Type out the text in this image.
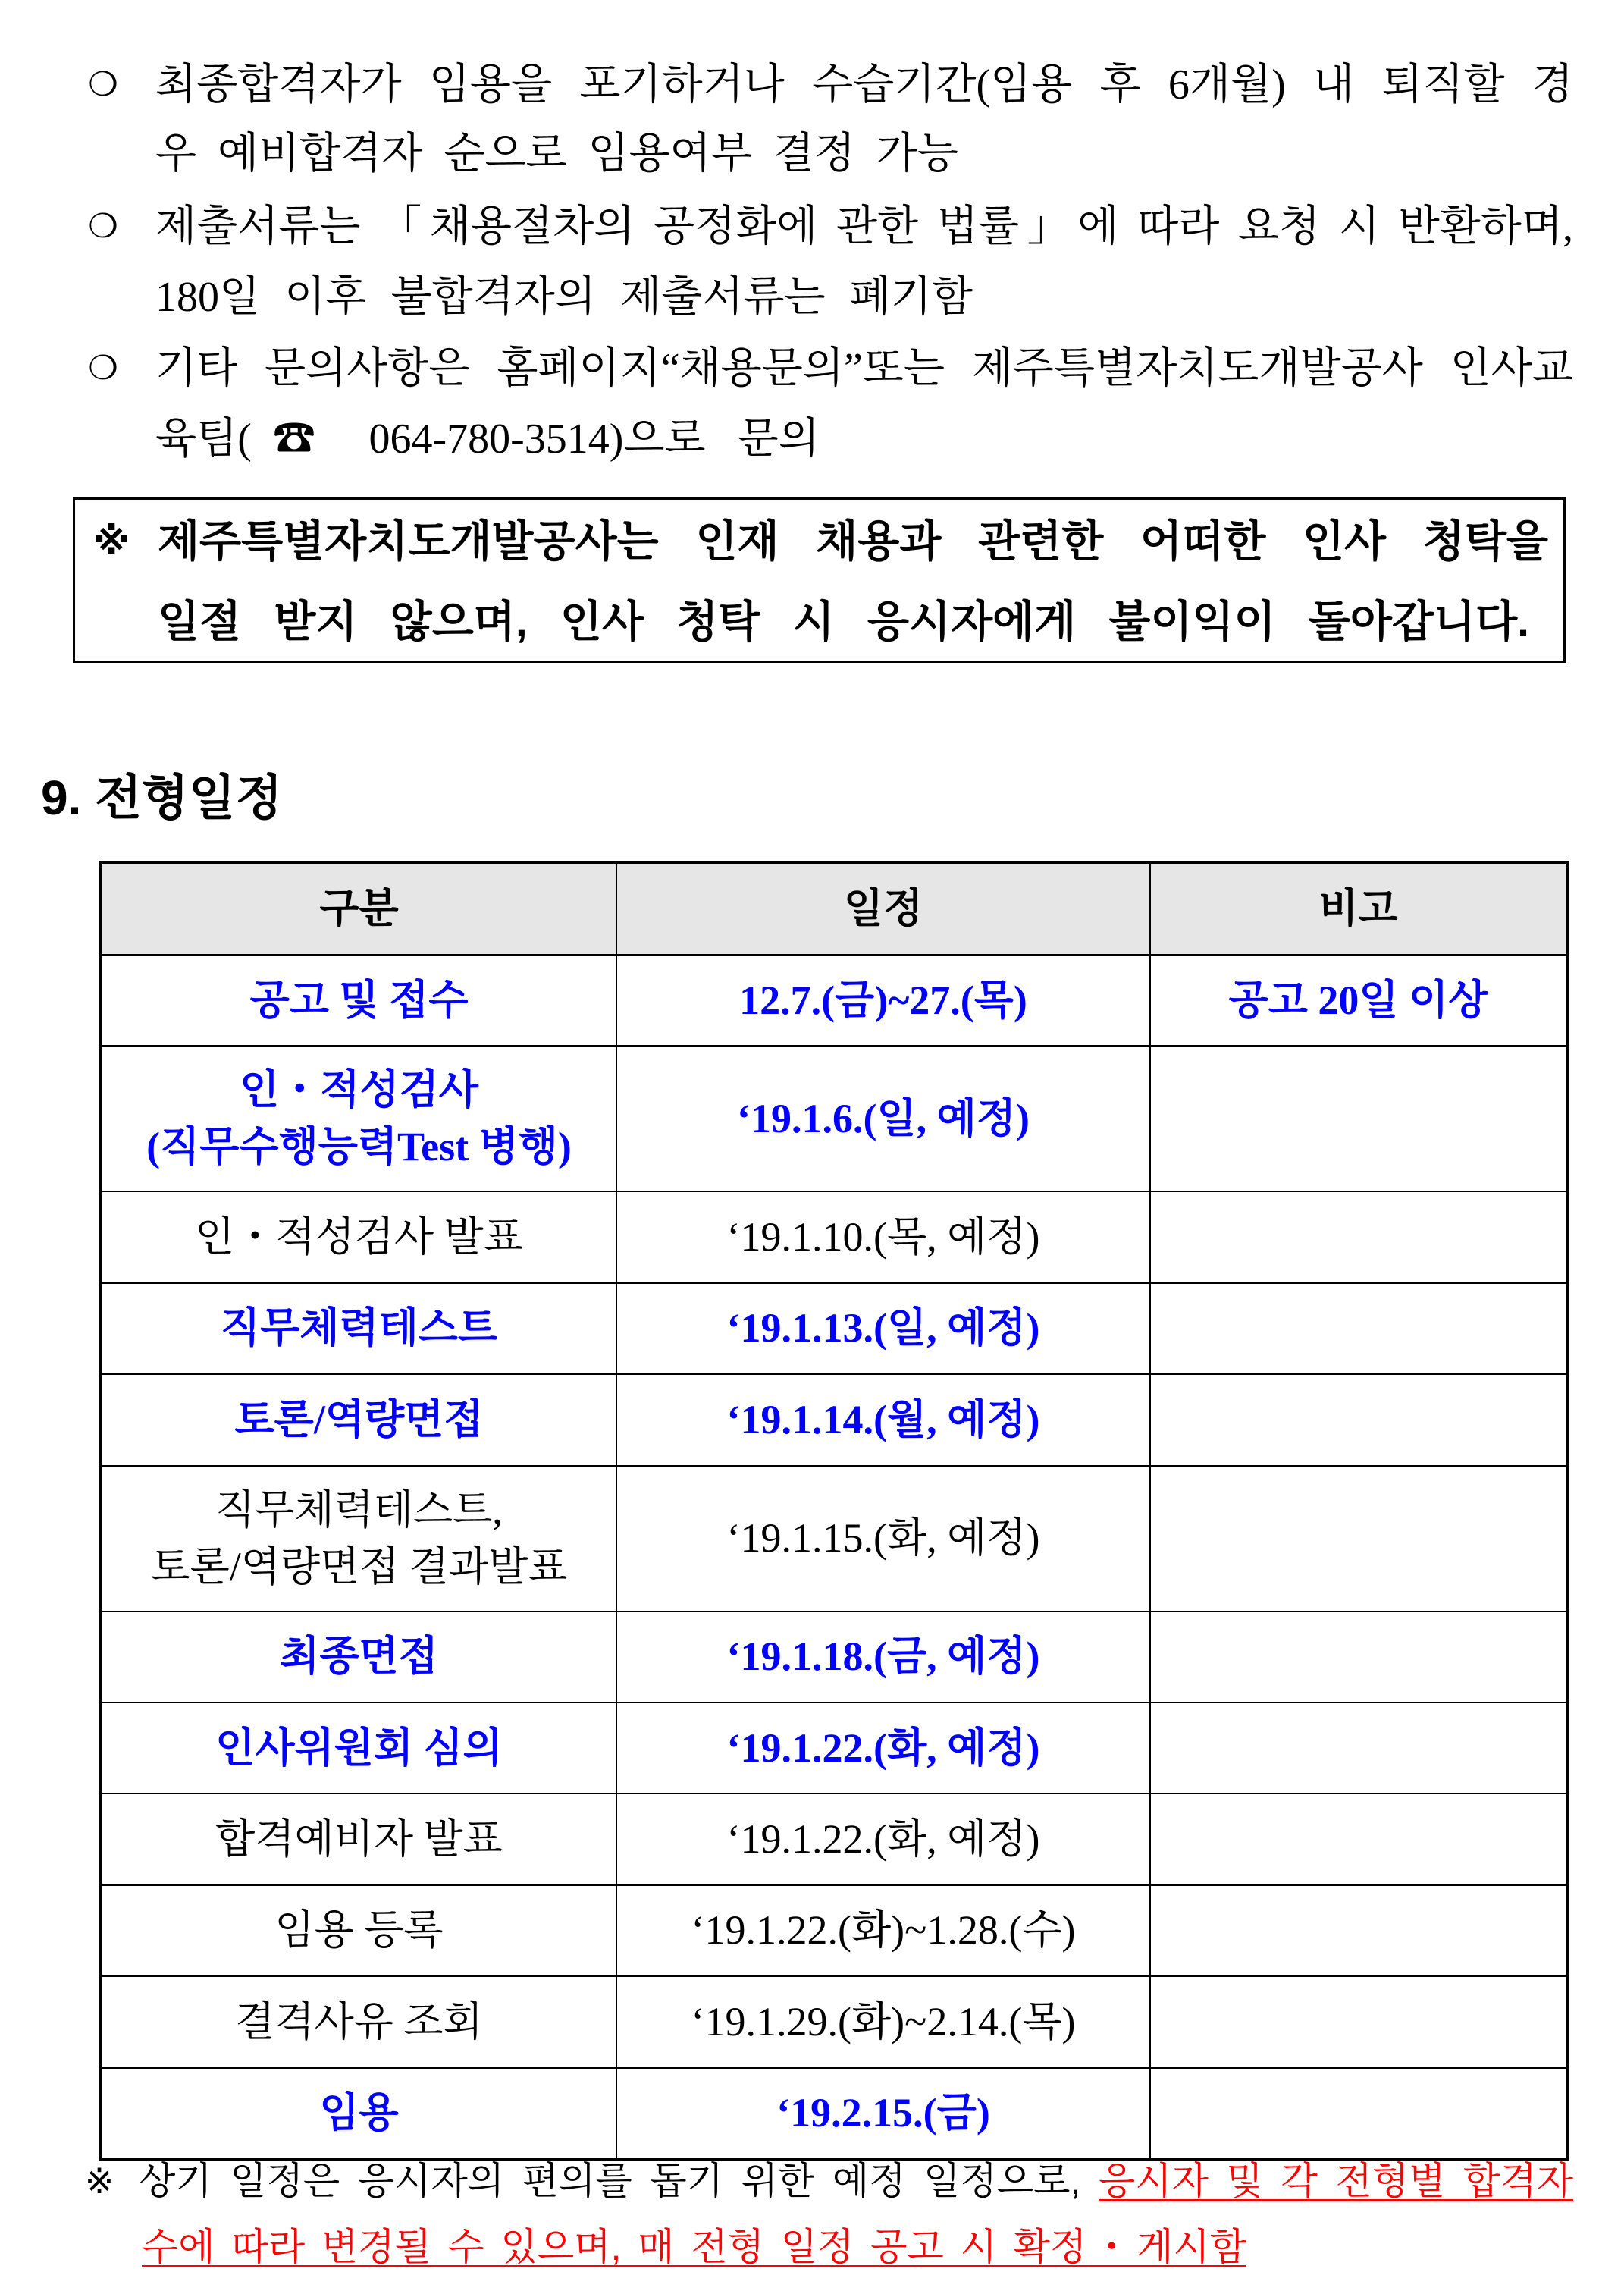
❍ 최종합격자가 임용을 포기하거나 수습기간(임용 후 6개월) 내 퇴직할 경
우 예비합격자 순으로 임용여부 결정 가능
❍ 제출서류는 「채용절차의 공정화에 관한 법률」에 따라 요청 시 반환하며,
180일 이후 불합격자의 제출서류는 폐기함
❍ 기타 문의사항은 홈페이지“채용문의”또는 제주특별자치도개발공사 인사교
육팀(☎ 064-780-3514)으로 문의
※ 제주특별자치도개발공사는 인재 채용과 관련한 어떠한 인사 청탁을
일절 받지 않으며, 인사 청탁 시 응시자에게 불이익이 돌아갑니다.
9. 전형일정
구분	일정	비고

공고 및 접수	12.7.(금)~27.(목)	공고 20일 이상

인・적성검사
(직무수행능력Test 병행)	‘19.1.6.(일, 예정)	

인・적성검사 발표	‘19.1.10.(목, 예정)	

직무체력테스트	‘19.1.13.(일, 예정)	

토론/역량면접	‘19.1.14.(월, 예정)	

직무체력테스트,
토론/역량면접 결과발표	‘19.1.15.(화, 예정)	

최종면접	‘19.1.18.(금, 예정)	

인사위원회 심의	‘19.1.22.(화, 예정)	

합격예비자 발표	‘19.1.22.(화, 예정)	

임용 등록	‘19.1.22.(화)~1.28.(수)	

결격사유 조회	‘19.1.29.(화)~2.14.(목)	

임용	‘19.2.15.(금)	

※ 상기 일정은 응시자의 편의를 돕기 위한 예정 일정으로, 응시자 및 각 전형별 합격자
수에 따라 변경될 수 있으며, 매 전형 일정 공고 시 확정・게시함
